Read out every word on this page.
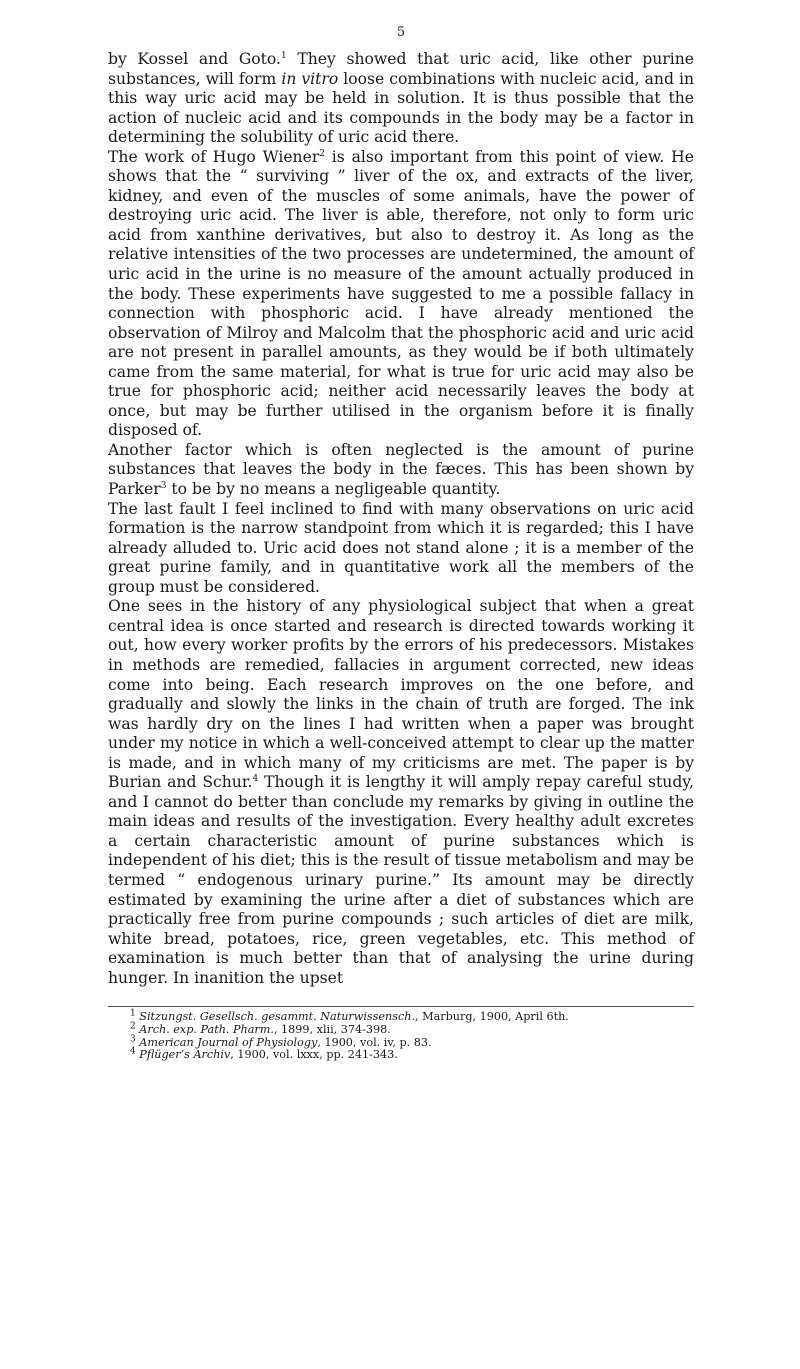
5

by Kossel and Goto.$^1$ They showed that uric acid, like other purine substances, will form in vitro loose combinations with nucleic acid, and in this way uric acid may be held in solution. It is thus possible that the action of nucleic acid and its compounds in the body may be a factor in determining the solubility of uric acid there.

The work of Hugo Wiener$^2$ is also important from this point of view. He shows that the “ surviving ” liver of the ox, and extracts of the liver, kidney, and even of the muscles of some animals, have the power of destroying uric acid. The liver is able, therefore, not only to form uric acid from xanthine derivatives, but also to destroy it. As long as the relative intensities of the two processes are undetermined, the amount of uric acid in the urine is no measure of the amount actually produced in the body. These experiments have suggested to me a possible fallacy in connection with phosphoric acid. I have already mentioned the observation of Milroy and Malcolm that the phosphoric acid and uric acid are not present in parallel amounts, as they would be if both ultimately came from the same material, for what is true for uric acid may also be true for phosphoric acid; neither acid necessarily leaves the body at once, but may be further utilised in the organism before it is finally disposed of.

Another factor which is often neglected is the amount of purine substances that leaves the body in the fæces. This has been shown by Parker$^3$ to be by no means a negligeable quantity.

The last fault I feel inclined to find with many observations on uric acid formation is the narrow standpoint from which it is regarded; this I have already alluded to. Uric acid does not stand alone ; it is a member of the great purine family, and in quantitative work all the members of the group must be considered.

One sees in the history of any physiological subject that when a great central idea is once started and research is directed towards working it out, how every worker profits by the errors of his predecessors. Mistakes in methods are remedied, fallacies in argument corrected, new ideas come into being. Each research improves on the one before, and gradually and slowly the links in the chain of truth are forged. The ink was hardly dry on the lines I had written when a paper was brought under my notice in which a well-conceived attempt to clear up the matter is made, and in which many of my criticisms are met. The paper is by Burian and Schur.$^4$ Though it is lengthy it will amply repay careful study, and I cannot do better than conclude my remarks by giving in outline the main ideas and results of the investigation. Every healthy adult excretes a certain characteristic amount of purine substances which is independent of his diet; this is the result of tissue metabolism and may be termed “ endogenous urinary purine.” Its amount may be directly estimated by examining the urine after a diet of substances which are practically free from purine compounds ; such articles of diet are milk, white bread, potatoes, rice, green vegetables, etc. This method of examination is much better than that of analysing the urine during hunger. In inanition the upset

$^1$ Sitzungst. Gesellsch. gesammt. Naturwissensch., Marburg, 1900, April 6th.
$^2$ Arch. exp. Path. Pharm., 1899, xlii, 374-398.
$^3$ American Journal of Physiology, 1900, vol. iv, p. 83.
$^4$ Pflüger’s Archiv, 1900, vol. lxxx, pp. 241-343.
